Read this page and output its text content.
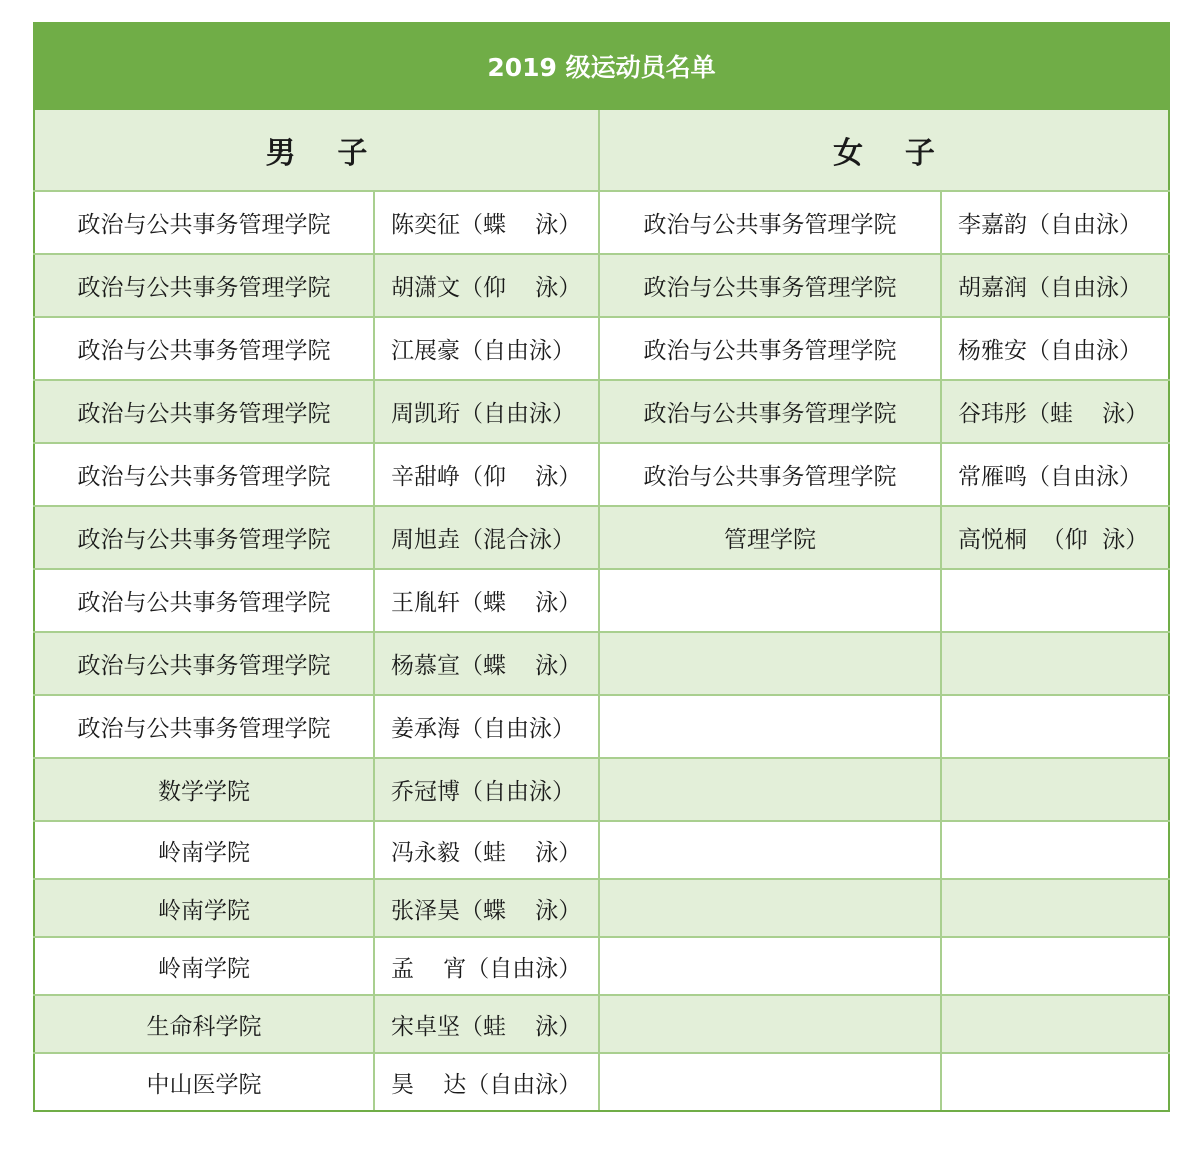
2019 级运动员名单			
男    子		女    子	
政治与公共事务管理学院	陈奕征（蝶    泳）	政治与公共事务管理学院	李嘉韵（自由泳）
政治与公共事务管理学院	胡潇文（仰    泳）	政治与公共事务管理学院	胡嘉润（自由泳）
政治与公共事务管理学院	江展豪（自由泳）	政治与公共事务管理学院	杨雅安（自由泳）
政治与公共事务管理学院	周凯珩（自由泳）	政治与公共事务管理学院	谷玮彤（蛙    泳）
政治与公共事务管理学院	辛甜峥（仰    泳）	政治与公共事务管理学院	常雁鸣（自由泳）
政治与公共事务管理学院	周旭垚（混合泳）	管理学院	高悦桐  （仰  泳）
政治与公共事务管理学院	王胤轩（蝶    泳）		
政治与公共事务管理学院	杨慕宣（蝶    泳）		
政治与公共事务管理学院	姜承海（自由泳）		
数学学院	乔冠博（自由泳）		
岭南学院	冯永毅（蛙    泳）		
岭南学院	张泽昊（蝶    泳）		
岭南学院	孟    宵（自由泳）		
生命科学院	宋卓坚（蛙    泳）		
中山医学院	昊    达（自由泳）		
